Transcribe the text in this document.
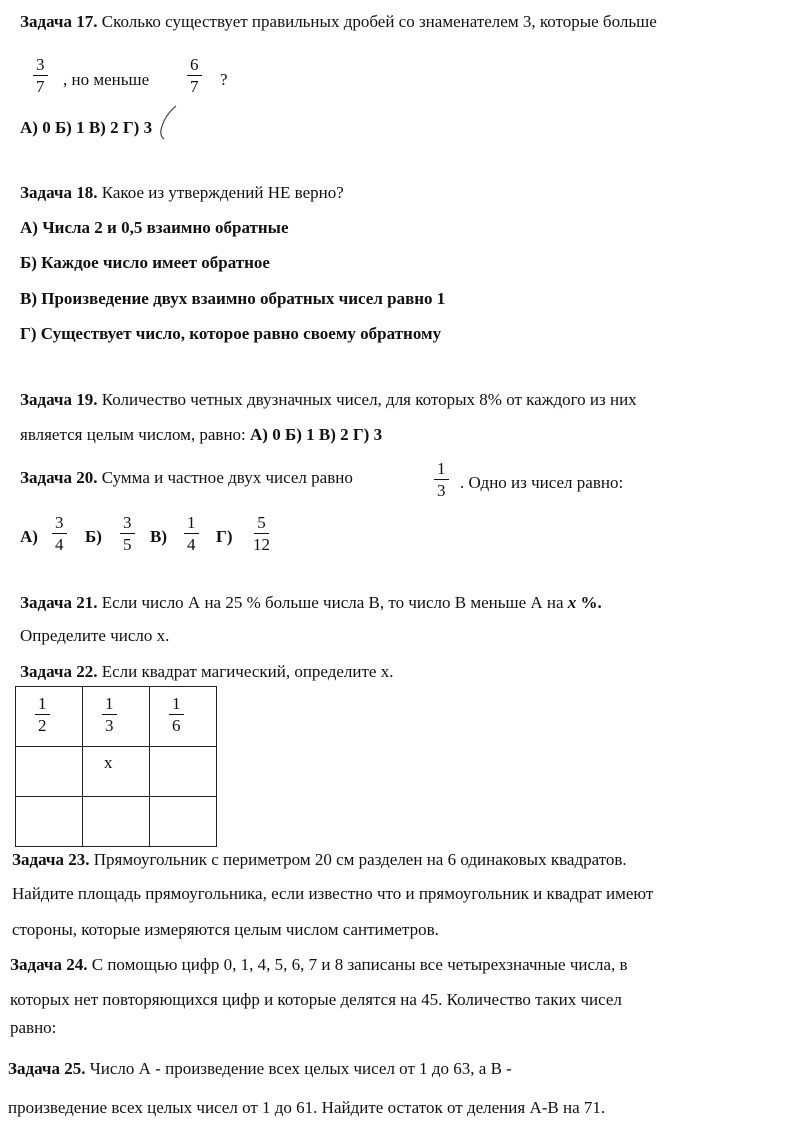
Задача 17. Сколько существует правильных дробей со знаменателем 3, которые больше
$\frac{3}{7}$ , но меньше $\frac{6}{7}$ ?
А) 0 Б) 1 В) 2 Г) 3
Задача 18. Какое из утверждений НЕ верно?
А) Числа 2 и 0,5 взаимно обратные
Б) Каждое число имеет обратное
В) Произведение двух взаимно обратных чисел равно 1
Г) Существует число, которое равно своему обратному
Задача 19. Количество четных двузначных чисел, для которых 8% от каждого из них
является целым числом, равно: А) 0 Б) 1 В) 2 Г) 3
Задача 20. Сумма и частное двух чисел равно	$\frac{1}{3}$ . Одно из чисел равно:
$А) \frac{3}{4} Б) \frac{3}{5} В) \frac{1}{4} Г) \frac{5}{12}$
Задача 21. Если число А на 25 % больше числа В, то число В меньше А на x %.
Определите число х.
Задача 22. Если квадрат магический, определите х.
$\frac{1}{2}$	$\frac{1}{3}$	$\frac{1}{6}$

	х	

Задача 23. Прямоугольник с периметром 20 см разделен на 6 одинаковых квадратов.
Найдите площадь прямоугольника, если известно что и прямоугольник и квадрат имеют
стороны, которые измеряются целым числом сантиметров.
Задача 24. С помощью цифр 0, 1, 4, 5, 6, 7 и 8 записаны все четырехзначные числа, в
которых нет повторяющихся цифр и которые делятся на 45. Количество таких чисел
равно:
Задача 25. Число А - произведение всех целых чисел от 1 до 63, а В -
произведение всех целых чисел от 1 до 61. Найдите остаток от деления А-В на 71.
